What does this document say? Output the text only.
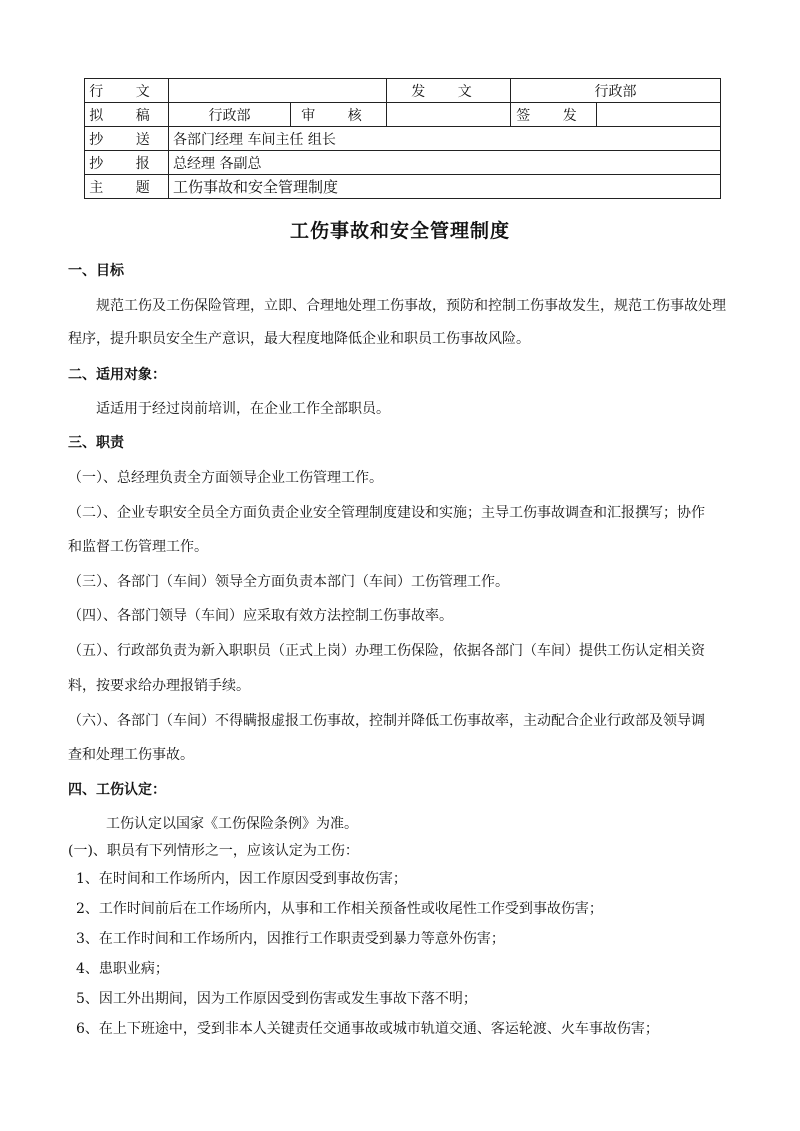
行 文			发 文	行政部	
拟 稿	行政部	审 核		签 发	
抄 送	各部门经理 车间主任 组长				
抄 报	总经理 各副总				
主 题	工伤事故和安全管理制度				
工伤事故和安全管理制度
一、目标
规范工伤及工伤保险管理，立即、合理地处理工伤事故，预防和控制工伤事故发生，规范工伤事故处理
程序，提升职员安全生产意识，最大程度地降低企业和职员工伤事故风险。
二、适用对象：
适适用于经过岗前培训，在企业工作全部职员。
三、职责
（一）、总经理负责全方面领导企业工伤管理工作。
（二）、企业专职安全员全方面负责企业安全管理制度建设和实施；主导工伤事故调查和汇报撰写；协作
和监督工伤管理工作。
（三）、各部门（车间）领导全方面负责本部门（车间）工伤管理工作。
（四）、各部门领导（车间）应采取有效方法控制工伤事故率。
（五）、行政部负责为新入职职员（正式上岗）办理工伤保险，依据各部门（车间）提供工伤认定相关资
料，按要求给办理报销手续。
（六）、各部门（车间）不得瞒报虚报工伤事故，控制并降低工伤事故率，主动配合企业行政部及领导调
查和处理工伤事故。
四、工伤认定：
工伤认定以国家《工伤保险条例》为准。
(一)、职员有下列情形之一，应该认定为工伤：
1、在时间和工作场所内，因工作原因受到事故伤害；
2、工作时间前后在工作场所内，从事和工作相关预备性或收尾性工作受到事故伤害；
3、在工作时间和工作场所内，因推行工作职责受到暴力等意外伤害；
4、患职业病；
5、因工外出期间，因为工作原因受到伤害或发生事故下落不明；
6、在上下班途中，受到非本人关键责任交通事故或城市轨道交通、客运轮渡、火车事故伤害；
